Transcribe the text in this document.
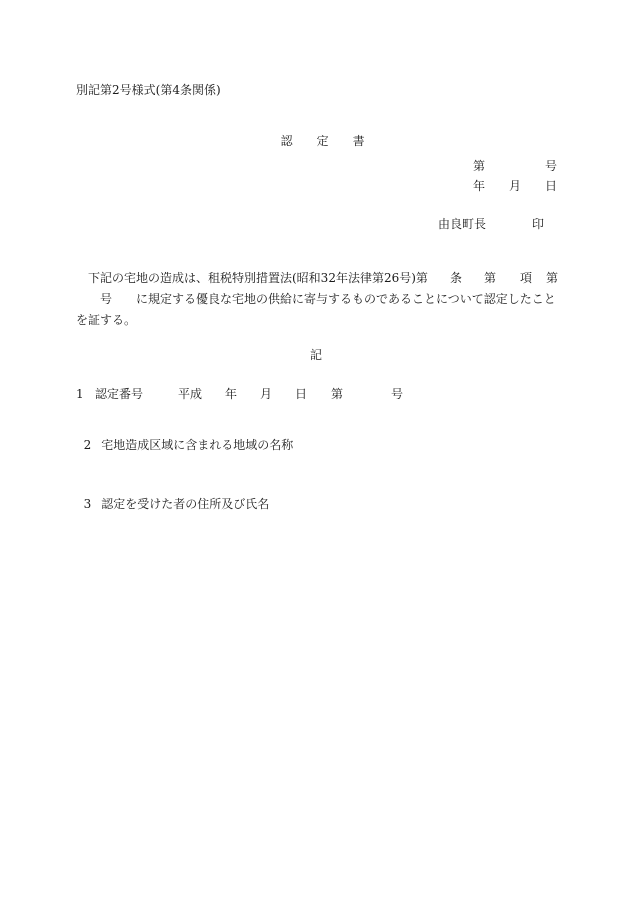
別記第2号様式(第4条関係)

認 定 書

第	号
年 月 日
由良町長	印
下記の宅地の造成は、租税特別措置法(昭和32年法律第26号)第 条 第 項 第
号 に規定する優良な宅地の供給に寄与するものであることについて認定したこと
を証する。

記

1 認定番号	平成 年 月 日 第	号

2 宅地造成区域に含まれる地域の名称

3 認定を受けた者の住所及び氏名
